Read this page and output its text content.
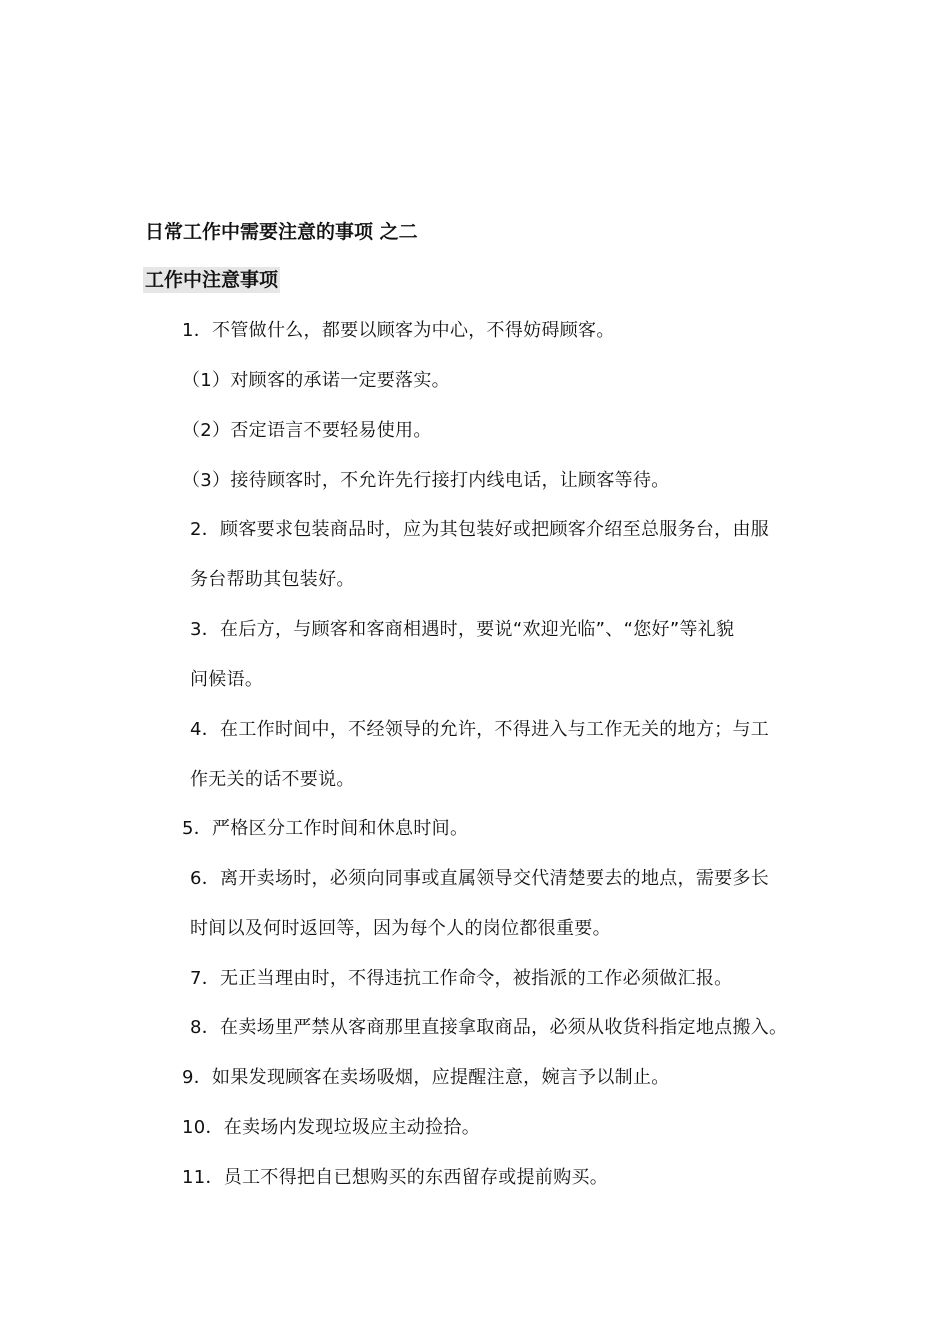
日常工作中需要注意的事项 之二
工作中注意事项
1．不管做什么，都要以顾客为中心，不得妨碍顾客。
（1）对顾客的承诺一定要落实。
（2）否定语言不要轻易使用。
（3）接待顾客时，不允许先行接打内线电话，让顾客等待。
2．顾客要求包装商品时，应为其包装好或把顾客介绍至总服务台，由服
务台帮助其包装好。
3．在后方，与顾客和客商相遇时，要说“欢迎光临”、“您好”等礼貌
问候语。
4．在工作时间中，不经领导的允许，不得进入与工作无关的地方；与工
作无关的话不要说。
5．严格区分工作时间和休息时间。
6．离开卖场时，必须向同事或直属领导交代清楚要去的地点，需要多长
时间以及何时返回等，因为每个人的岗位都很重要。
7．无正当理由时，不得违抗工作命令，被指派的工作必须做汇报。
8．在卖场里严禁从客商那里直接拿取商品，必须从收货科指定地点搬入。
9．如果发现顾客在卖场吸烟，应提醒注意，婉言予以制止。
10．在卖场内发现垃圾应主动捡拾。
11．员工不得把自已想购买的东西留存或提前购买。
